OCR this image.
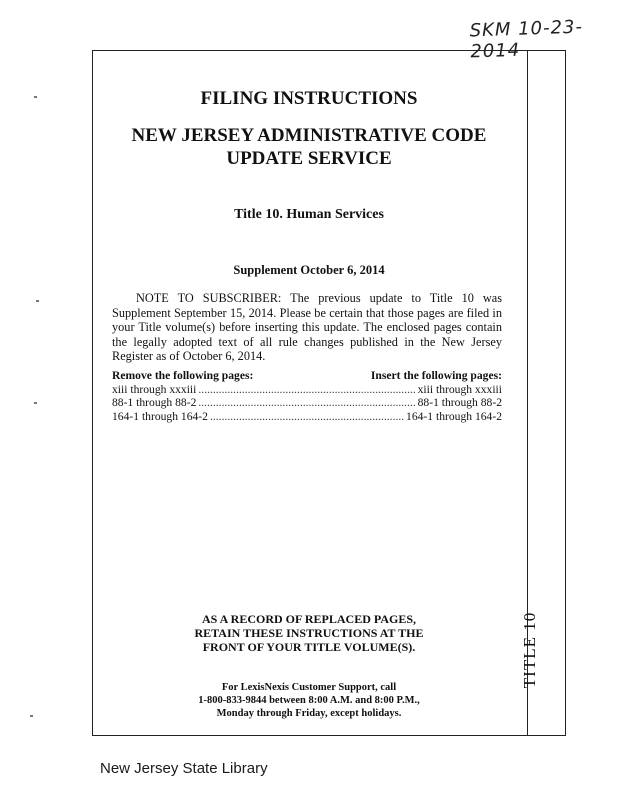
SKM 10-23-2014
TITLE 10
FILING INSTRUCTIONS
NEW JERSEY ADMINISTRATIVE CODE
UPDATE SERVICE
Title 10. Human Services
Supplement October 6, 2014

NOTE TO SUBSCRIBER: The previous update to Title 10 was Supplement September 15, 2014. Please be certain that those pages are filed in your Title volume(s) before inserting this update. The enclosed pages contain the legally adopted text of all rule changes published in the New Jersey Register as of October 6, 2014.

Remove the following pages:	Insert the following pages:
xiii through xxxiii .....	xiii through xxxiii
88-1 through 88-2 .....	88-1 through 88-2
164-1 through 164-2 .....	164-1 through 164-2
AS A RECORD OF REPLACED PAGES,
RETAIN THESE INSTRUCTIONS AT THE
FRONT OF YOUR TITLE VOLUME(S).
For LexisNexis Customer Support, call
1-800-833-9844 between 8:00 A.M. and 8:00 P.M.,
Monday through Friday, except holidays.
New Jersey State Library
